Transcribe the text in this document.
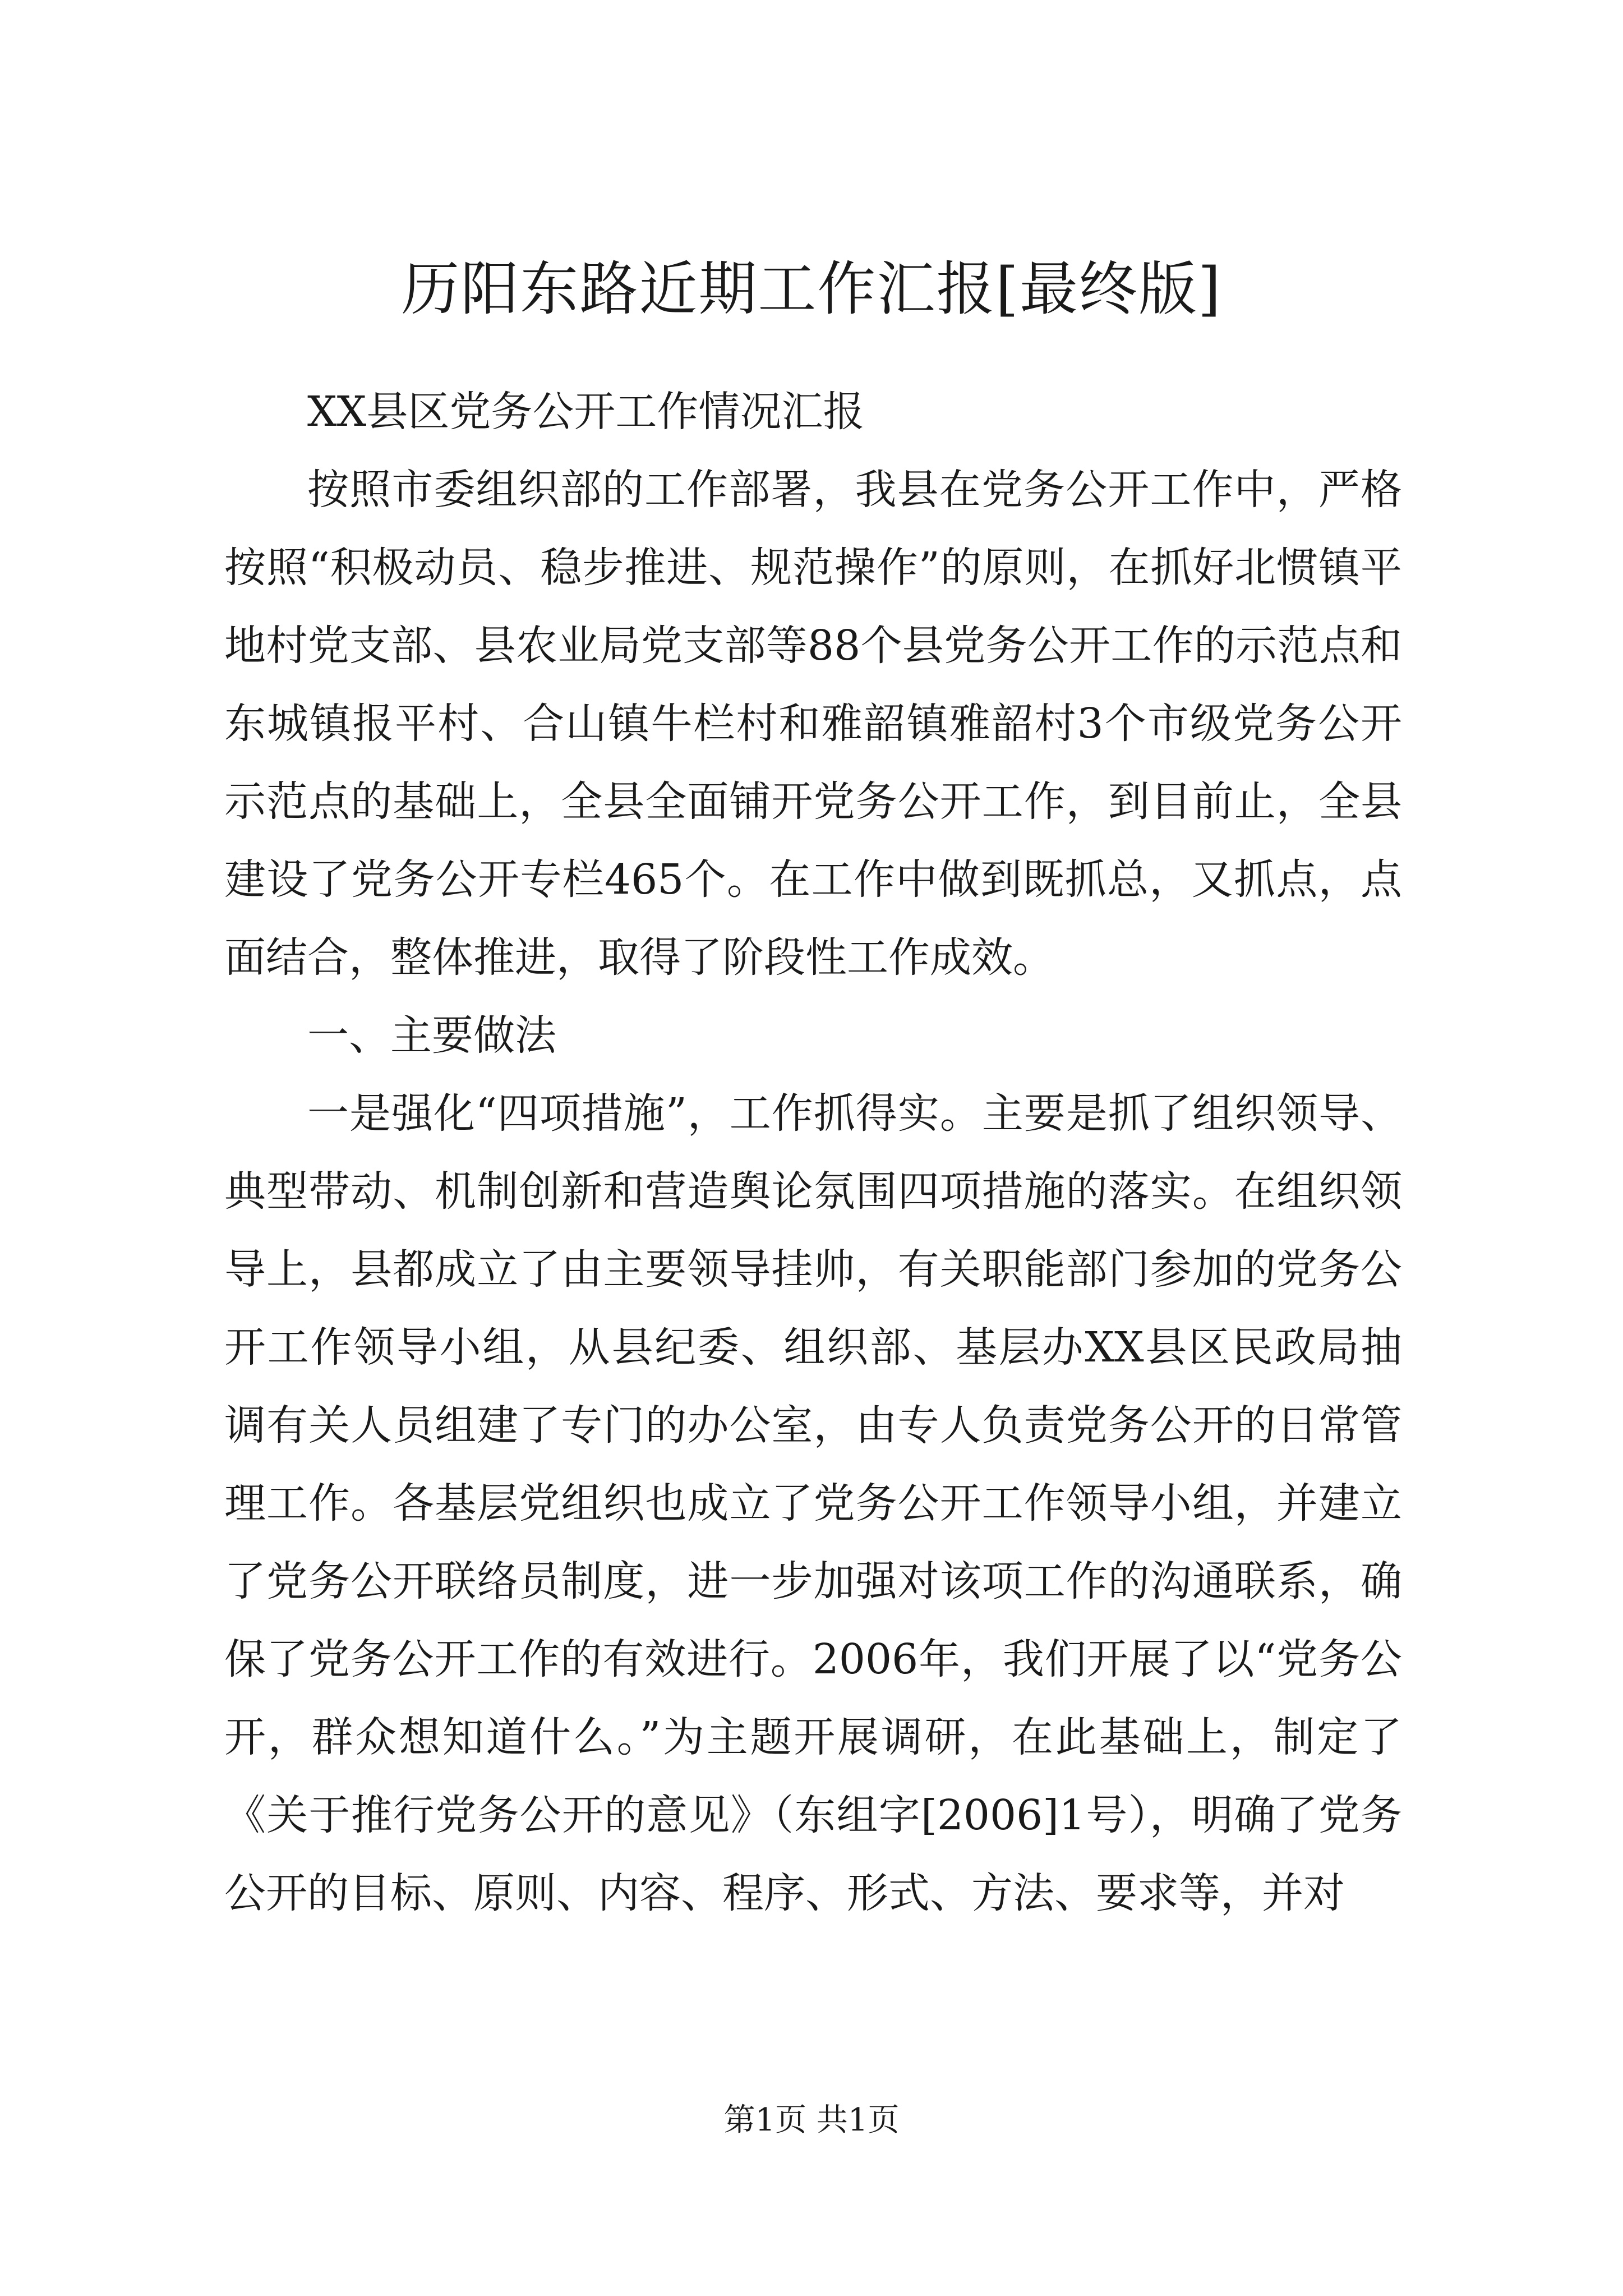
历阳东路近期工作汇报[最终版]

XX县区党务公开工作情况汇报

按照市委组织部的工作部署，我县在党务公开工作中，严格按照“积极动员、稳步推进、规范操作”的原则，在抓好北惯镇平地村党支部、县农业局党支部等88个县党务公开工作的示范点和东城镇报平村、合山镇牛栏村和雅韶镇雅韶村3个市级党务公开示范点的基础上，全县全面铺开党务公开工作，到目前止，全县建设了党务公开专栏465个。在工作中做到既抓总，又抓点，点面结合，整体推进，取得了阶段性工作成效。

一、主要做法

一是强化“四项措施”，工作抓得实。主要是抓了组织领导、典型带动、机制创新和营造舆论氛围四项措施的落实。在组织领导上，县都成立了由主要领导挂帅，有关职能部门参加的党务公开工作领导小组，从县纪委、组织部、基层办XX县区民政局抽调有关人员组建了专门的办公室，由专人负责党务公开的日常管理工作。各基层党组织也成立了党务公开工作领导小组，并建立了党务公开联络员制度，进一步加强对该项工作的沟通联系，确保了党务公开工作的有效进行。2006年，我们开展了以“党务公开，群众想知道什么。”为主题开展调研，在此基础上，制定了《关于推行党务公开的意见》（东组字[2006]1号），明确了党务公开的目标、原则、内容、程序、形式、方法、要求等，并对

第1页 共1页
